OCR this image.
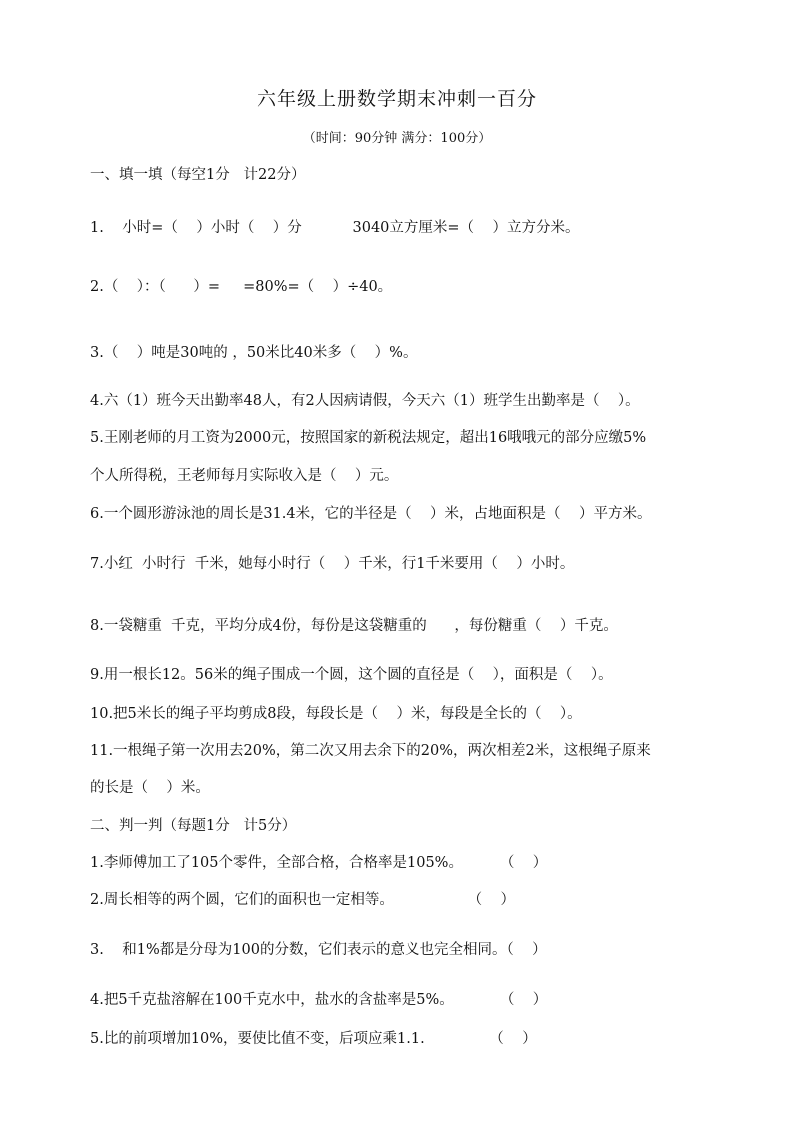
六年级上册数学期末冲刺一百分
（时间：90分钟 满分：100分）
一、填一填（每空1分   计22分）
1.    小时=（    ）小时（    ）分           3040立方厘米=（    ）立方分米。
2.（    ）：（      ）=     =80%=（    ）÷40。
3.（    ）吨是30吨的 ，50米比40米多（    ）%。
4.六（1）班今天出勤率48人，有2人因病请假，今天六（1）班学生出勤率是（    ）。
5.王刚老师的月工资为2000元，按照国家的新税法规定，超出16哦哦元的部分应缴5%
个人所得税，王老师每月实际收入是（    ）元。
6.一个圆形游泳池的周长是31.4米，它的半径是（    ）米，占地面积是（    ）平方米。
7.小红  小时行  千米，她每小时行（    ）千米，行1千米要用（    ）小时。
8.一袋糖重  千克，平均分成4份，每份是这袋糖重的      ，每份糖重（    ）千克。
9.用一根长12。56米的绳子围成一个圆，这个圆的直径是（    ），面积是（    ）。
10.把5米长的绳子平均剪成8段，每段长是（    ）米，每段是全长的（    ）。
11.一根绳子第一次用去20%，第二次又用去余下的20%，两次相差2米，这根绳子原来
的长是（    ）米。
二、判一判（每题1分   计5分）
1.李师傅加工了105个零件，全部合格，合格率是105%。        （    ）
2.周长相等的两个圆，它们的面积也一定相等。                （    ）
3.    和1%都是分母为100的分数，它们表示的意义也完全相同。（    ）
4.把5千克盐溶解在100千克水中，盐水的含盐率是5%。          （    ）
5.比的前项增加10%，要使比值不变，后项应乘1.1.              （    ）
